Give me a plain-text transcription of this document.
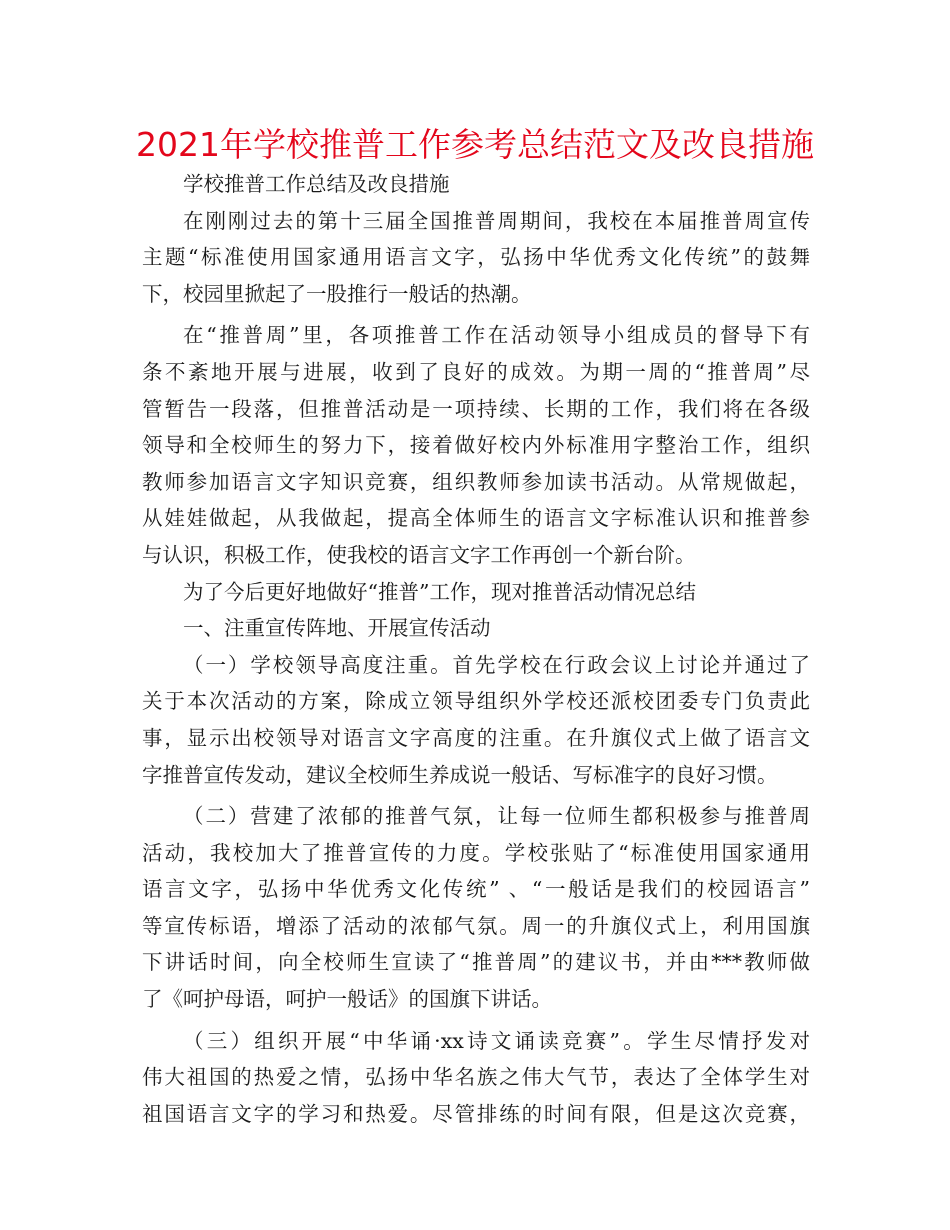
2021年学校推普工作参考总结范文及改良措施
学校推普工作总结及改良措施
在刚刚过去的第十三届全国推普周期间，我校在本届推普周宣传
主题“标准使用国家通用语言文字，弘扬中华优秀文化传统”的鼓舞
下，校园里掀起了一股推行一般话的热潮。
在“推普周”里，各项推普工作在活动领导小组成员的督导下有
条不紊地开展与进展，收到了良好的成效。为期一周的“推普周”尽
管暂告一段落，但推普活动是一项持续、长期的工作，我们将在各级
领导和全校师生的努力下，接着做好校内外标准用字整治工作，组织
教师参加语言文字知识竞赛，组织教师参加读书活动。从常规做起，
从娃娃做起，从我做起，提高全体师生的语言文字标准认识和推普参
与认识，积极工作，使我校的语言文字工作再创一个新台阶。
为了今后更好地做好“推普”工作，现对推普活动情况总结
一、注重宣传阵地、开展宣传活动
（一）学校领导高度注重。首先学校在行政会议上讨论并通过了
关于本次活动的方案，除成立领导组织外学校还派校团委专门负责此
事，显示出校领导对语言文字高度的注重。在升旗仪式上做了语言文
字推普宣传发动，建议全校师生养成说一般话、写标准字的良好习惯。
（二）营建了浓郁的推普气氛，让每一位师生都积极参与推普周
活动，我校加大了推普宣传的力度。学校张贴了“标准使用国家通用
语言文字，弘扬中华优秀文化传统” 、“一般话是我们的校园语言”
等宣传标语，增添了活动的浓郁气氛。周一的升旗仪式上，利用国旗
下讲话时间，向全校师生宣读了“推普周”的建议书，并由***教师做
了《呵护母语，呵护一般话》的国旗下讲话。
（三）组织开展“中华诵·xx诗文诵读竞赛”。学生尽情抒发对
伟大祖国的热爱之情，弘扬中华名族之伟大气节，表达了全体学生对
祖国语言文字的学习和热爱。尽管排练的时间有限，但是这次竞赛，
